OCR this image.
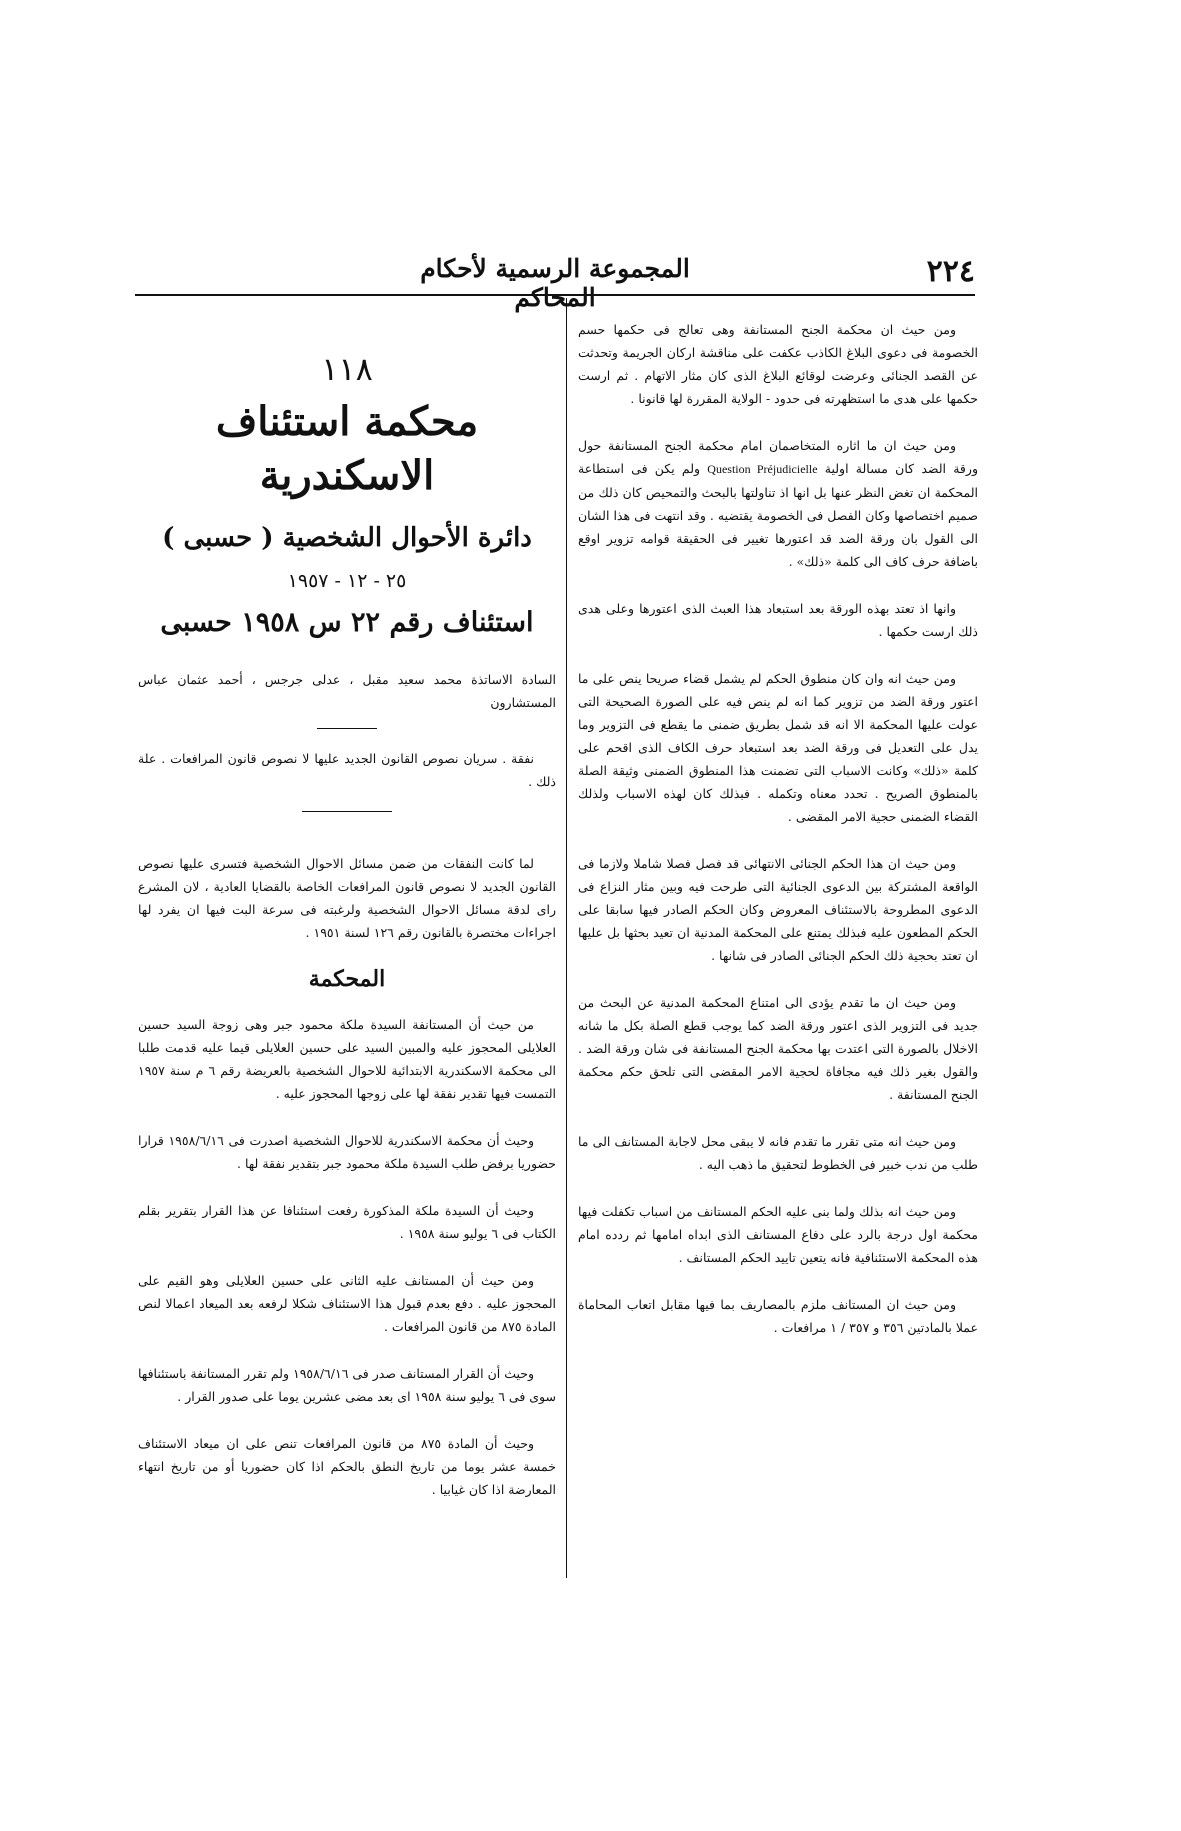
٢٢٤
المجموعة الرسمية لأحكام المحاكم

ومن حيث ان محكمة الجنح المستانفة وهى تعالج فى حكمها حسم الخصومة فى دعوى البلاغ الكاذب عكفت على مناقشة اركان الجريمة وتحدثت عن القصد الجنائى وعرضت لوقائع البلاغ الذى كان مثار الاتهام . ثم ارست حكمها على هدى ما استظهرته فى حدود - الولاية المقررة لها قانونا .

ومن حيث ان ما اثاره المتخاصمان امام محكمة الجنح المستانفة حول ورقة الضد كان مسالة اولية Question Préjudicielle ولم يكن فى استطاعة المحكمة ان تغض النظر عنها بل انها اذ تناولتها بالبحث والتمحيص كان ذلك من صميم اختصاصها وكان الفصل فى الخصومة يقتضيه . وقد انتهت فى هذا الشان الى القول بان ورقة الضد قد اعتورها تغيير فى الحقيقة قوامه تزوير اوقع باضافة حرف كاف الى كلمة «ذلك» .

وانها اذ تعتد بهذه الورقة بعد استبعاد هذا العبث الذى اعتورها وعلى هدى ذلك ارست حكمها .

ومن حيث انه وان كان منطوق الحكم لم يشمل قضاء صريحا ينص على ما اعتور ورقة الضد من تزوير كما انه لم ينص فيه على الصورة الصحيحة التى عولت عليها المحكمة الا انه قد شمل بطريق ضمنى ما يقطع فى التزوير وما يدل على التعديل فى ورقة الضد بعد استبعاد حرف الكاف الذى اقحم على كلمة «ذلك» وكانت الاسباب التى تضمنت هذا المنطوق الضمنى وثيقة الصلة بالمنطوق الصريح . تحدد معناه وتكمله . فبذلك كان لهذه الاسباب ولذلك القضاء الضمنى حجية الامر المقضى .

ومن حيث ان هذا الحكم الجنائى الانتهائى قد فصل فصلا شاملا ولازما فى الواقعة المشتركة بين الدعوى الجنائية التى طرحت فيه وبين مثار النزاع فى الدعوى المطروحة بالاستئناف المعروض وكان الحكم الصادر فيها سابقا على الحكم المطعون عليه فبذلك يمتنع على المحكمة المدنية ان تعيد بحثها بل عليها ان تعتد بحجية ذلك الحكم الجنائى الصادر فى شانها .

ومن حيث ان ما تقدم يؤدى الى امتناع المحكمة المدنية عن البحث من جديد فى التزوير الذى اعتور ورقة الضد كما يوجب قطع الصلة بكل ما شانه الاخلال بالصورة التى اعتدت بها محكمة الجنح المستانفة فى شان ورقة الضد . والقول بغير ذلك فيه مجافاة لحجية الامر المقضى التى تلحق حكم محكمة الجنح المستانفة .

ومن حيث انه متى تقرر ما تقدم فانه لا يبقى محل لاجابة المستانف الى ما طلب من ندب خبير فى الخطوط لتحقيق ما ذهب اليه .

ومن حيث انه بذلك ولما بنى عليه الحكم المستانف من اسباب تكفلت فيها محكمة اول درجة بالرد على دفاع المستانف الذى ابداه امامها ثم ردده امام هذه المحكمة الاستئنافية فانه يتعين تاييد الحكم المستانف .

ومن حيث ان المستانف ملزم بالمصاريف بما فيها مقابل اتعاب المحاماة عملا بالمادتين ٣٥٦ و ٣٥٧ / ١ مرافعات .

١١٨
محكمة استئناف الاسكندرية
دائرة الأحوال الشخصية ( حسبى )
٢٥ - ١٢ - ١٩٥٧
استئناف رقم ٢٢ س ١٩٥٨ حسبى

السادة الاساتذة محمد سعيد مقبل ، عدلى جرجس ، أحمد عثمان عباس المستشارون

نفقة . سريان نصوص القانون الجديد عليها لا نصوص قانون المرافعات . علة ذلك .

لما كانت النفقات من ضمن مسائل الاحوال الشخصية فتسرى عليها نصوص القانون الجديد لا نصوص قانون المرافعات الخاصة بالقضايا العادية ، لان المشرع راى لدقة مسائل الاحوال الشخصية ولرغبته فى سرعة البت فيها ان يفرد لها اجراءات مختصرة بالقانون رقم ١٢٦ لسنة ١٩٥١ .

المحكمة

من حيث أن المستانفة السيدة ملكة محمود جبر وهى زوجة السيد حسين العلايلى المحجوز عليه والمبين السيد على حسين العلايلى قيما عليه قدمت طلبا الى محكمة الاسكندرية الابتدائية للاحوال الشخصية بالعريضة رقم ٦ م سنة ١٩٥٧ التمست فيها تقدير نفقة لها على زوجها المحجوز عليه .

وحيث أن محكمة الاسكندرية للاحوال الشخصية اصدرت فى ١٩٥٨/٦/١٦ قرارا حضوريا برفض طلب السيدة ملكة محمود جبر بتقدير نفقة لها .

وحيث أن السيدة ملكة المذكورة رفعت استئنافا عن هذا القرار بتقرير بقلم الكتاب فى ٦ يوليو سنة ١٩٥٨ .

ومن حيث أن المستانف عليه الثانى على حسين العلايلى وهو القيم على المحجوز عليه . دفع بعدم قبول هذا الاستئناف شكلا لرفعه بعد الميعاد اعمالا لنص المادة ٨٧٥ من قانون المرافعات .

وحيث أن القرار المستانف صدر فى ١٩٥٨/٦/١٦ ولم تقرر المستانفة باستئنافها سوى فى ٦ يوليو سنة ١٩٥٨ اى بعد مضى عشرين يوما على صدور القرار .

وحيث أن المادة ٨٧٥ من قانون المرافعات تنص على ان ميعاد الاستئناف خمسة عشر يوما من تاريخ النطق بالحكم اذا كان حضوريا أو من تاريخ انتهاء المعارضة اذا كان غيابيا .
